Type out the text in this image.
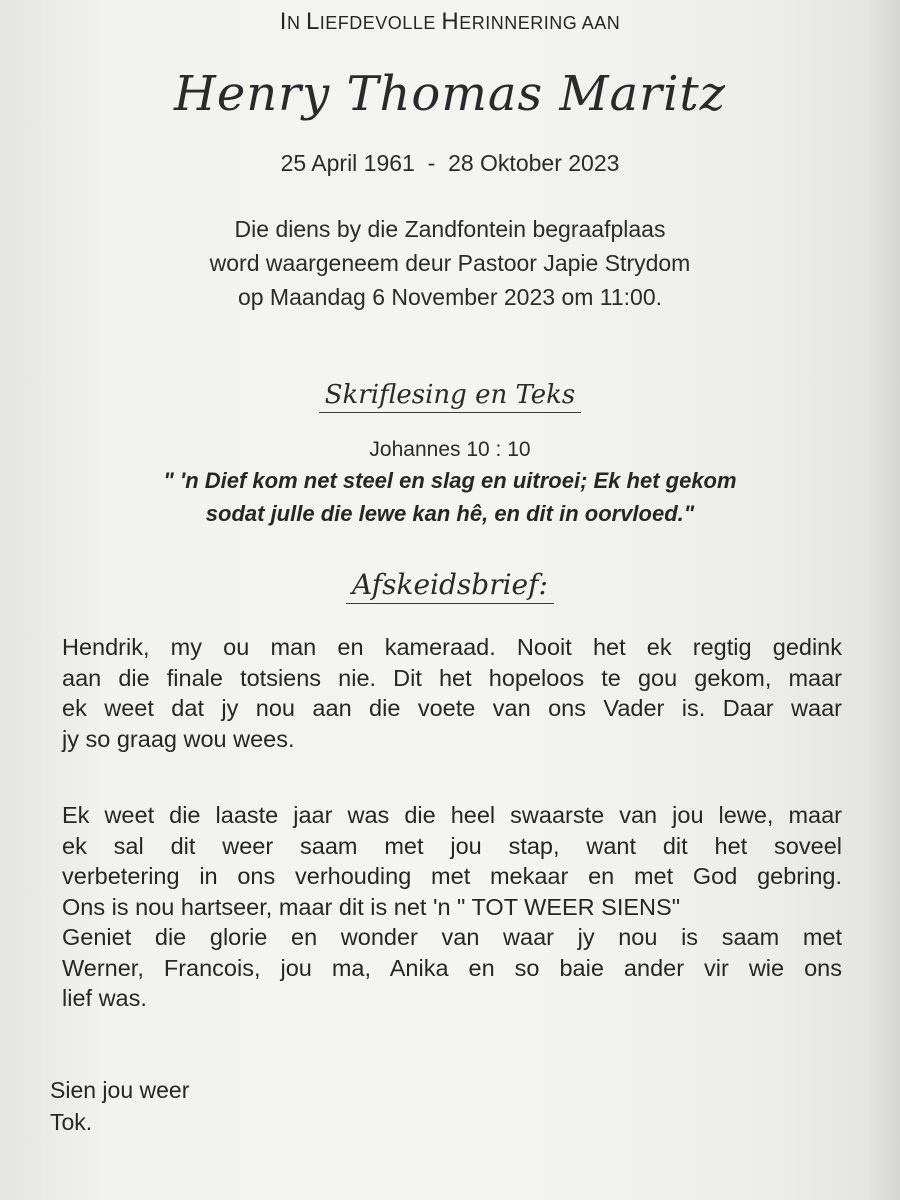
IN LIEFDEVOLLE HERINNERING AAN
Henry Thomas Maritz
25 April 1961  -  28 Oktober 2023
Die diens by die Zandfontein begraafplaas
word waargeneem deur Pastoor Japie Strydom
op Maandag 6 November 2023 om 11:00.
Skriflesing en Teks
Johannes 10 : 10
" 'n Dief kom net steel en slag en uitroei; Ek het gekom
sodat julle die lewe kan hê, en dit in oorvloed."
Afskeidsbrief:
Hendrik, my ou man en kameraad. Nooit het ek regtig gedink
aan die finale totsiens nie. Dit het hopeloos te gou gekom, maar
ek weet dat jy nou aan die voete van ons Vader is. Daar waar
jy so graag wou wees.
Ek weet die laaste jaar was die heel swaarste van jou lewe, maar
ek sal dit weer saam met jou stap, want dit het soveel
verbetering in ons verhouding met mekaar en met God gebring.
Ons is nou hartseer, maar dit is net 'n " TOT WEER SIENS"
Geniet die glorie en wonder van waar jy nou is saam met
Werner, Francois, jou ma, Anika en so baie ander vir wie ons
lief was.
Sien jou weer
Tok.
